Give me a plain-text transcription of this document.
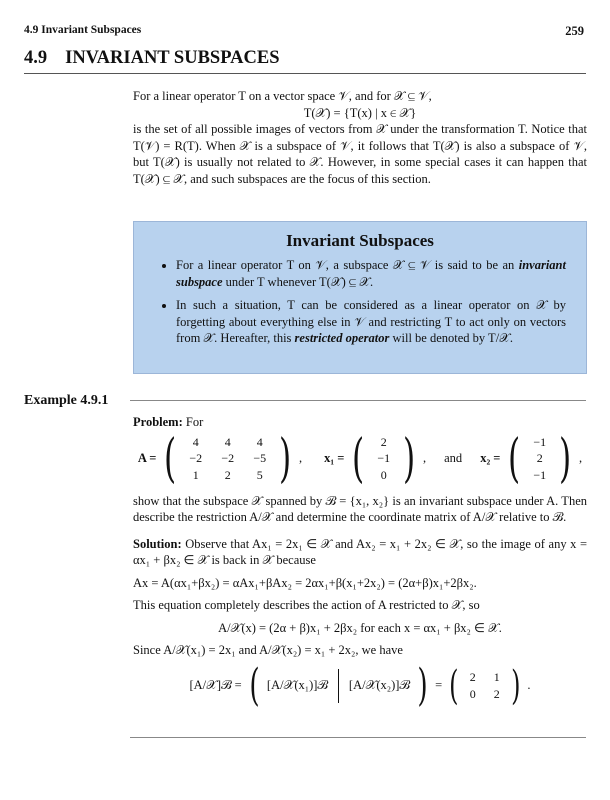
4.9 Invariant Subspaces	259
4.9 INVARIANT SUBSPACES

For a linear operator T on a vector space 𝒱, and for 𝒳 ⊆ 𝒱,

T(𝒳) = {T(x) | x ∈ 𝒳}

is the set of all possible images of vectors from 𝒳 under the transformation T. Notice that T(𝒱) = R(T). When 𝒳 is a subspace of 𝒱, it follows that T(𝒳) is also a subspace of 𝒱, but T(𝒳) is usually not related to 𝒳. However, in some special cases it can happen that T(𝒳) ⊆ 𝒳, and such subspaces are the focus of this section.

Invariant Subspaces
• For a linear operator T on 𝒱, a subspace 𝒳 ⊆ 𝒱 is said to be an invariant subspace under T whenever T(𝒳) ⊆ 𝒳.
• In such a situation, T can be considered as a linear operator on 𝒳 by forgetting about everything else in 𝒱 and restricting T to act only on vectors from 𝒳. Hereafter, this restricted operator will be denoted by T/𝒳.
Example 4.9.1

Problem: For

A = (	4	4	4
−2	−2	−5
1	2	5 ) , x₁ = (	2
−1
0 ) , and x₂ = (	−1
2
−1 ) ,

show that the subspace 𝒳 spanned by ℬ = {x₁, x₂} is an invariant subspace under A. Then describe the restriction A/𝒳 and determine the coordinate matrix of A/𝒳 relative to ℬ.

Solution: Observe that Ax₁ = 2x₁ ∈ 𝒳 and Ax₂ = x₁ + 2x₂ ∈ 𝒳, so the image of any x = αx₁ + βx₂ ∈ 𝒳 is back in 𝒳 because

Ax = A(αx₁+βx₂) = αAx₁+βAx₂ = 2αx₁+β(x₁+2x₂) = (2α+β)x₁+2βx₂.

This equation completely describes the action of A restricted to 𝒳, so

A/𝒳(x) = (2α + β)x₁ + 2βx₂ for each x = αx₁ + βx₂ ∈ 𝒳.

Since A/𝒳(x₁) = 2x₁ and A/𝒳(x₂) = x₁ + 2x₂, we have

[A/𝒳]ℬ = ( [A/𝒳(x₁)]ℬ [A/𝒳(x₂)]ℬ ) = ( 2	1
0	2 ) .
